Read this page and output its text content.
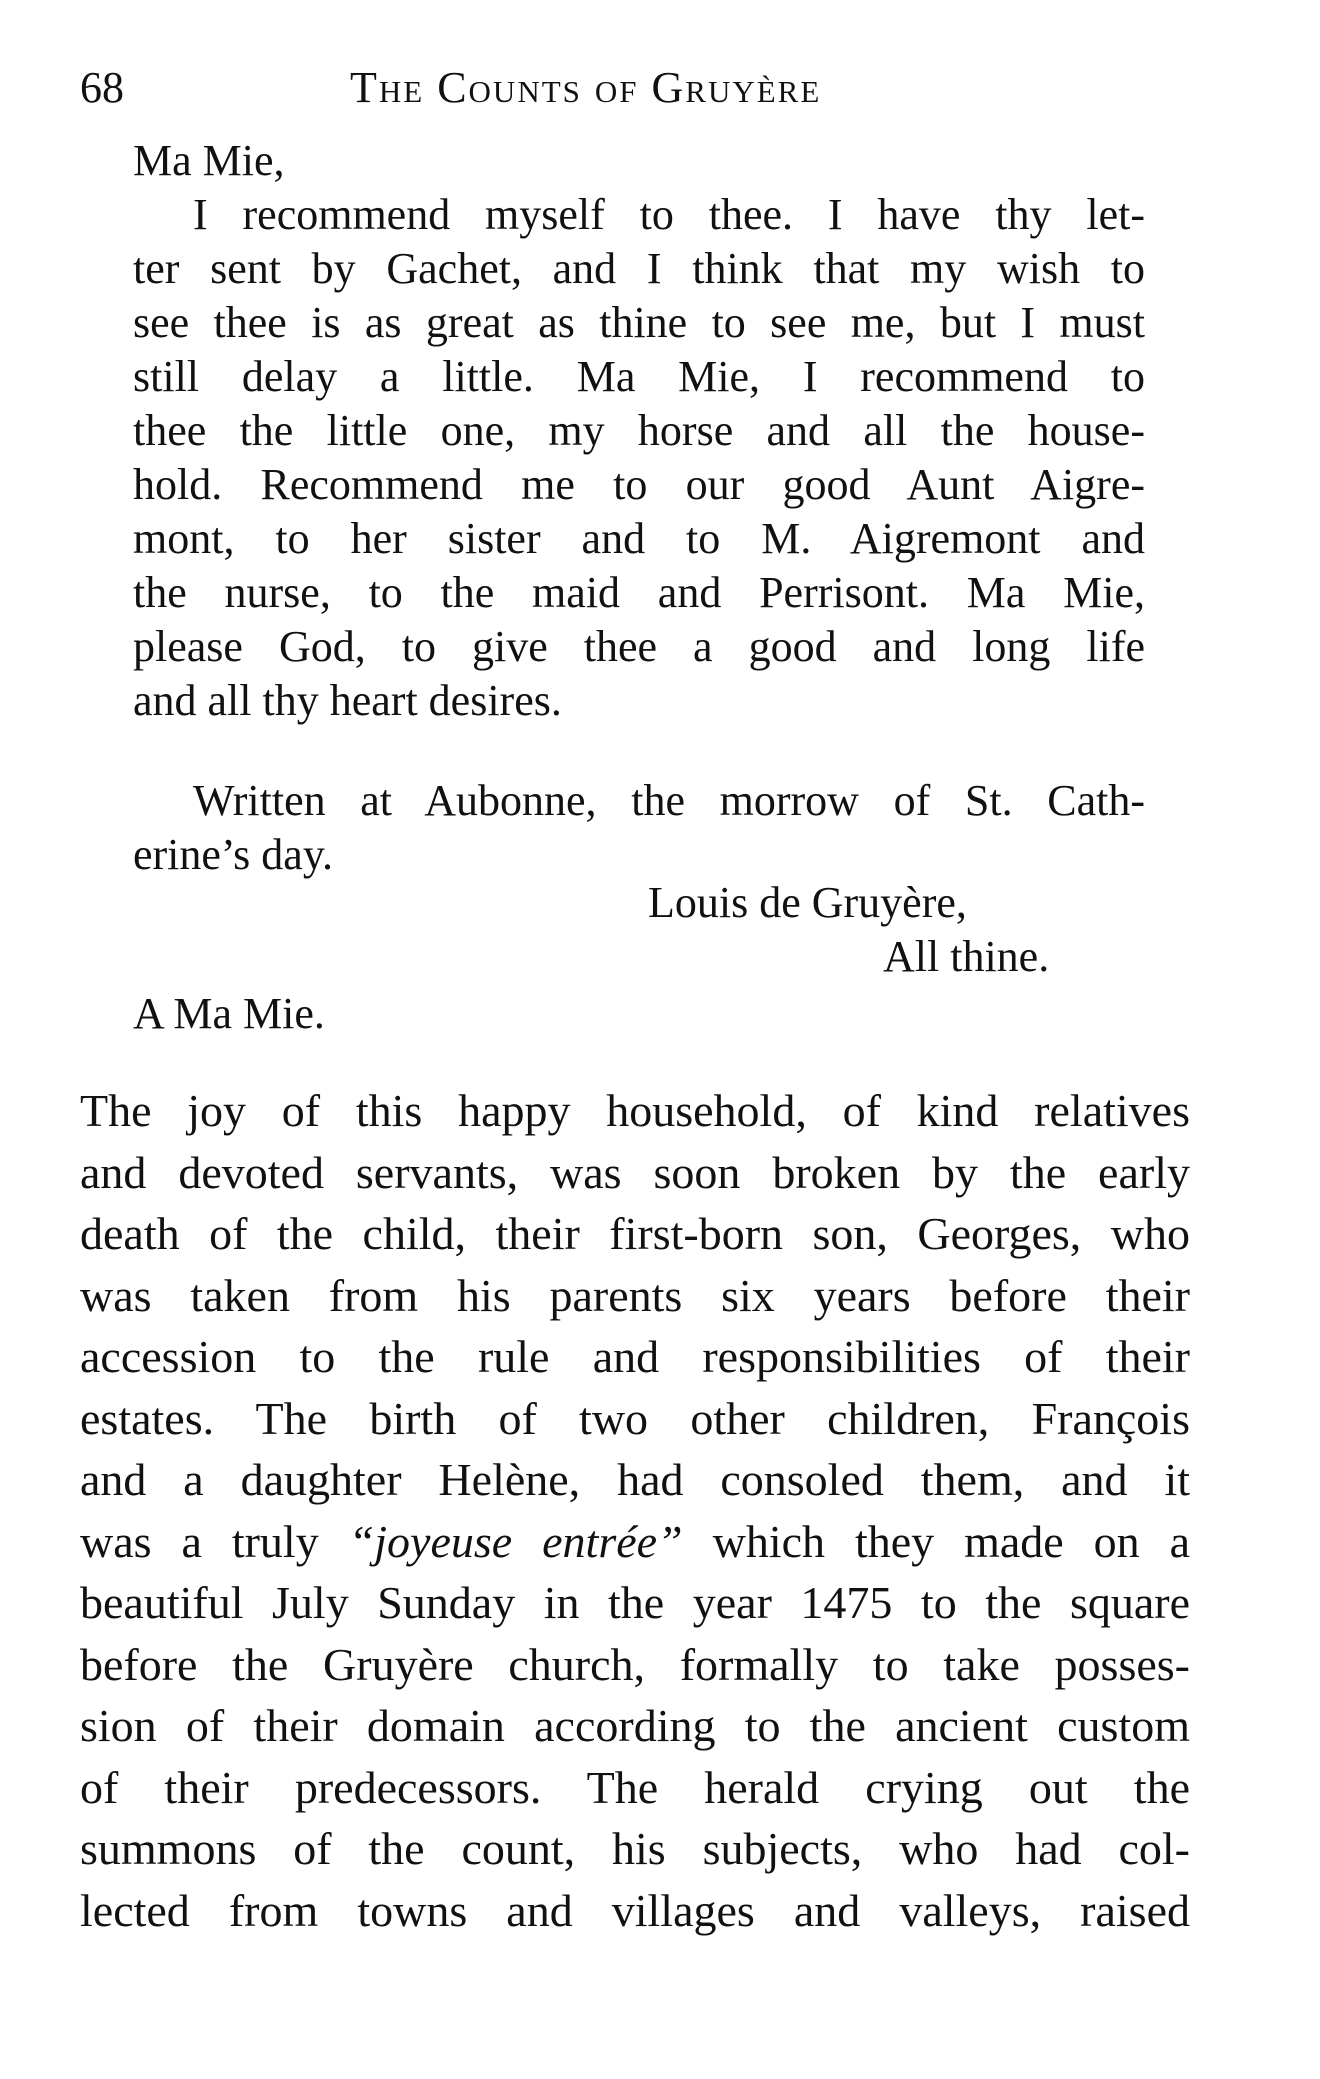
68	The Counts of Gruyère
Ma Mie,
I recommend myself to thee. I have thy let-
ter sent by Gachet, and I think that my wish to
see thee is as great as thine to see me, but I must
still delay a little. Ma Mie, I recommend to
thee the little one, my horse and all the house-
hold. Recommend me to our good Aunt Aigre-
mont, to her sister and to M. Aigremont and
the nurse, to the maid and Perrisont. Ma Mie,
please God, to give thee a good and long life
and all thy heart desires.
Written at Aubonne, the morrow of St. Cath-
erine’s day.
Louis de Gruyère,
All thine.
A Ma Mie.
The joy of this happy household, of kind relatives
and devoted servants, was soon broken by the early
death of the child, their first-born son, Georges, who
was taken from his parents six years before their
accession to the rule and responsibilities of their
estates. The birth of two other children, François
and a daughter Helène, had consoled them, and it
was a truly “joyeuse entrée” which they made on a
beautiful July Sunday in the year 1475 to the square
before the Gruyère church, formally to take posses-
sion of their domain according to the ancient custom
of their predecessors. The herald crying out the
summons of the count, his subjects, who had col-
lected from towns and villages and valleys, raised
